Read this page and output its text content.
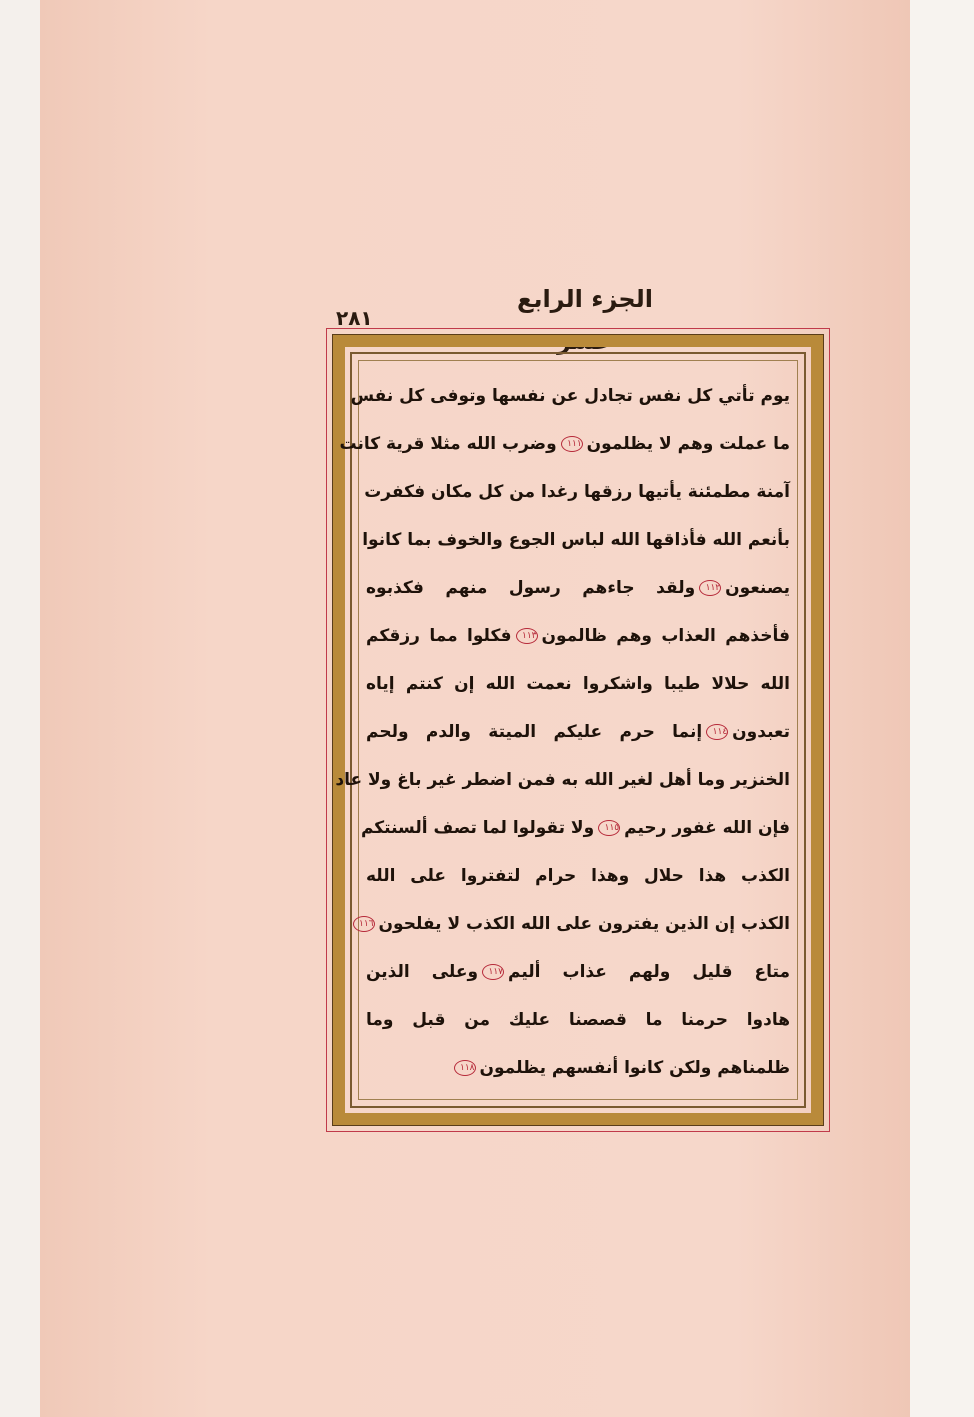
الجزء الرابع عشر
٢٨١
يوم تأتي كل نفس تجادل عن نفسها وتوفى كل نفس
ما عملت وهم لا يظلمون١١١وضرب الله مثلا قرية كانت
آمنة مطمئنة يأتيها رزقها رغدا من كل مكان فكفرت
بأنعم الله فأذاقها الله لباس الجوع والخوف بما كانوا
يصنعون١١٢ولقد جاءهم رسول منهم فكذبوه
فأخذهم العذاب وهم ظالمون١١٣فكلوا مما رزقكم
الله حلالا طيبا واشكروا نعمت الله إن كنتم إياه
تعبدون١١٤إنما حرم عليكم الميتة والدم ولحم
الخنزير وما أهل لغير الله به فمن اضطر غير باغ ولا عاد
فإن الله غفور رحيم١١٥ولا تقولوا لما تصف ألسنتكم
الكذب هذا حلال وهذا حرام لتفتروا على الله
الكذب إن الذين يفترون على الله الكذب لا يفلحون١١٦
متاع قليل ولهم عذاب أليم١١٧وعلى الذين
هادوا حرمنا ما قصصنا عليك من قبل وما
ظلمناهم ولكن كانوا أنفسهم يظلمون١١٨
